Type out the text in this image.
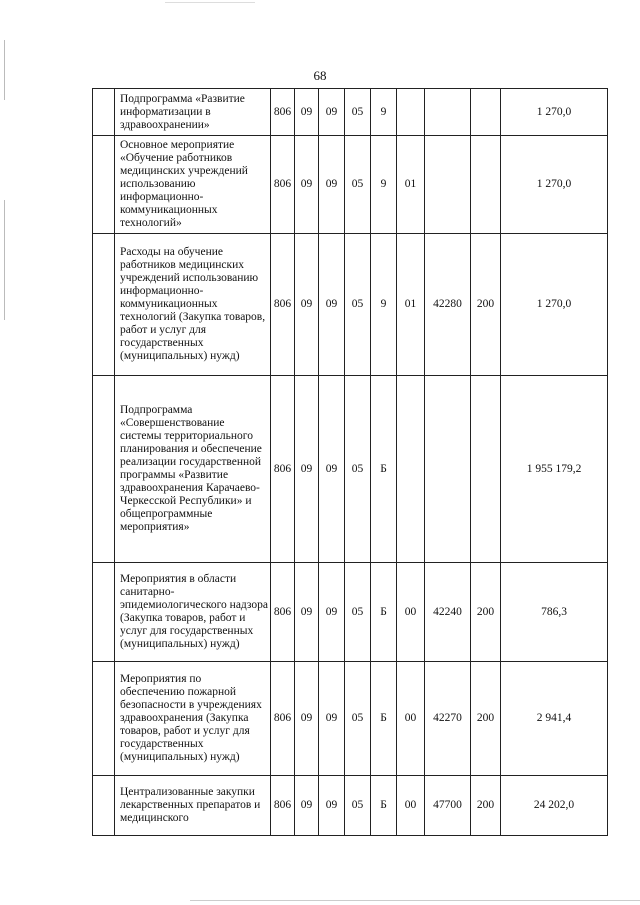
68
	Подпрограмма «Развитие информатизации в здравоохранении»	806	09	09	05	9				1 270,0
	Основное мероприятие «Обучение работников медицинских учреждений использованию информационно-коммуникационных технологий»	806	09	09	05	9	01			1 270,0
	Расходы на обучение работников медицинских учреждений использованию информационно-коммуникационных технологий (Закупка товаров, работ и услуг для государственных (муниципальных) нужд)	806	09	09	05	9	01	42280	200	1 270,0
	Подпрограмма «Совершенствование системы территориального планирования и обеспечение реализации государственной программы «Развитие здравоохранения Карачаево-Черкесской Республики» и общепрограммные мероприятия»	806	09	09	05	Б				1 955 179,2
	Мероприятия в области санитарно-эпидемиологического надзора (Закупка товаров, работ и услуг для государственных (муниципальных) нужд)	806	09	09	05	Б	00	42240	200	786,3
	Мероприятия по обеспечению пожарной безопасности в учреждениях здравоохранения (Закупка товаров, работ и услуг для государственных (муниципальных) нужд)	806	09	09	05	Б	00	42270	200	2 941,4
	Централизованные закупки лекарственных препаратов и медицинского	806	09	09	05	Б	00	47700	200	24 202,0
